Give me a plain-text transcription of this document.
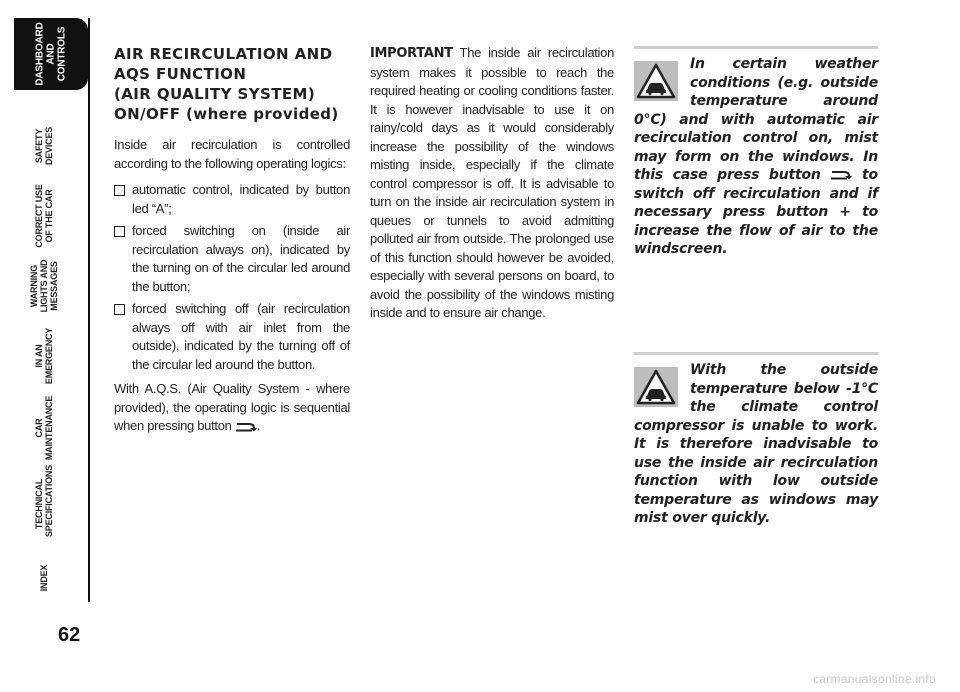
DASHBOARD
AND
CONTROLS
SAFETY
DEVICES
CORRECT USE
OF THE CAR
WARNING
LIGHTS AND
MESSAGES
IN AN
EMERGENCY
CAR
MAINTENANCE
TECHNICAL
SPECIFICATIONS
INDEX
62
AIR RECIRCULATION AND
AQS FUNCTION
(AIR QUALITY SYSTEM)
ON/OFF (where provided)

Inside air recirculation is controlled according to the following operating logics:

automatic control, indicated by button led “A”;
forced switching on (inside air recirculation always on), indicated by the turning on of the circular led around the button;
forced switching off (air recirculation always off with air inlet from the outside), indicated by the turning off of the circular led around the button.

With A.Q.S. (Air Quality System - where provided), the operating logic is sequential when pressing button .

IMPORTANT The inside air recirculation system makes it possible to reach the required heating or cooling conditions faster. It is however inadvisable to use it on rainy/cold days as it would considerably increase the possibility of the windows misting inside, especially if the climate control compressor is off. It is advisable to turn on the inside air recirculation system in queues or tunnels to avoid admitting polluted air from outside. The prolonged use of this function should however be avoided, especially with several persons on board, to avoid the possibility of the windows misting inside and to ensure air change.

In certain weather conditions (e.g. outside temperature around 0°C) and with automatic air recirculation control on, mist may form on the windows. In this case press button	to switch off recirculation and if necessary press button + to increase the flow of air to the windscreen.

With the outside temperature below -1°C the climate control compressor is unable to work. It is therefore inadvisable to use the inside air recirculation function with low outside temperature as windows may mist over quickly.

carmanualsonline.info
